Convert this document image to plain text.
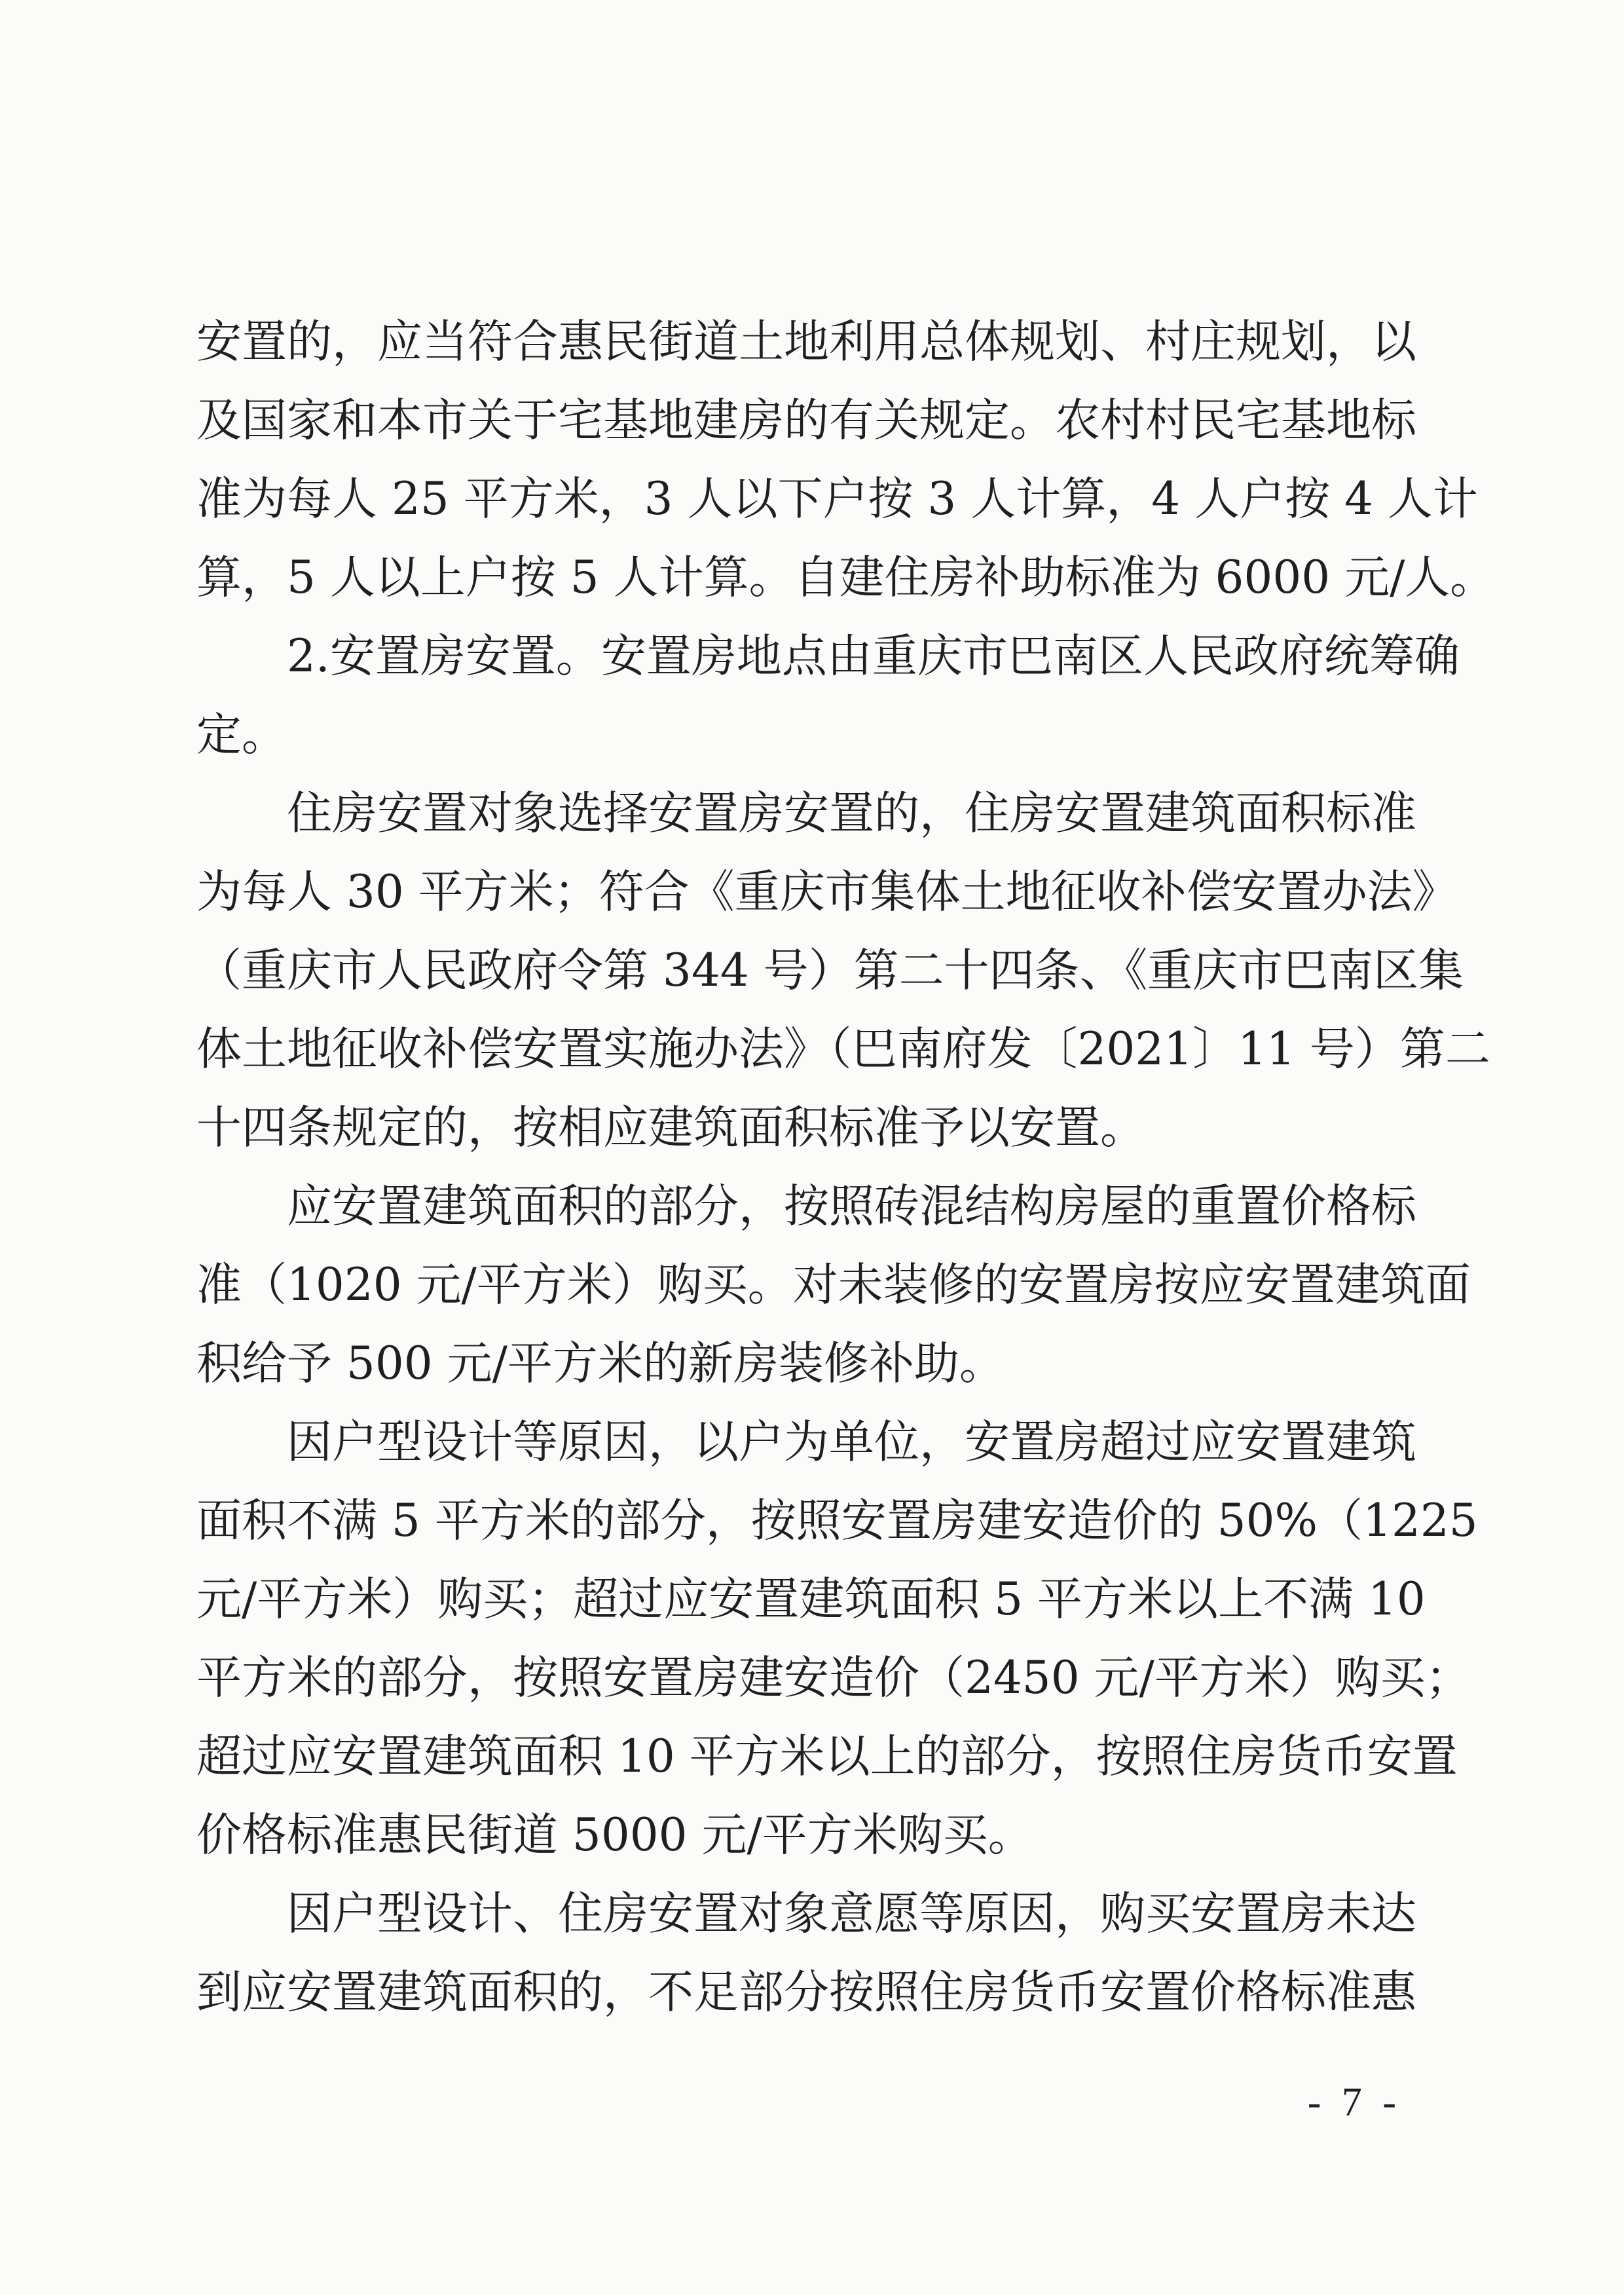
安置的，应当符合惠民街道土地利用总体规划、村庄规划，以
及国家和本市关于宅基地建房的有关规定。农村村民宅基地标
准为每人 25 平方米，3 人以下户按 3 人计算，4 人户按 4 人计
算，5 人以上户按 5 人计算。自建住房补助标准为 6000 元/人。
2.安置房安置。安置房地点由重庆市巴南区人民政府统筹确
定。
住房安置对象选择安置房安置的，住房安置建筑面积标准
为每人 30 平方米；符合《重庆市集体土地征收补偿安置办法》
（重庆市人民政府令第 344 号）第二十四条、《重庆市巴南区集
体土地征收补偿安置实施办法》（巴南府发〔2021〕11 号）第二
十四条规定的，按相应建筑面积标准予以安置。
应安置建筑面积的部分，按照砖混结构房屋的重置价格标
准（1020 元/平方米）购买。对未装修的安置房按应安置建筑面
积给予 500 元/平方米的新房装修补助。
因户型设计等原因，以户为单位，安置房超过应安置建筑
面积不满 5 平方米的部分，按照安置房建安造价的 50%（1225
元/平方米）购买；超过应安置建筑面积 5 平方米以上不满 10
平方米的部分，按照安置房建安造价（2450 元/平方米）购买；
超过应安置建筑面积 10 平方米以上的部分，按照住房货币安置
价格标准惠民街道 5000 元/平方米购买。
因户型设计、住房安置对象意愿等原因，购买安置房未达
到应安置建筑面积的，不足部分按照住房货币安置价格标准惠
- 7 -
